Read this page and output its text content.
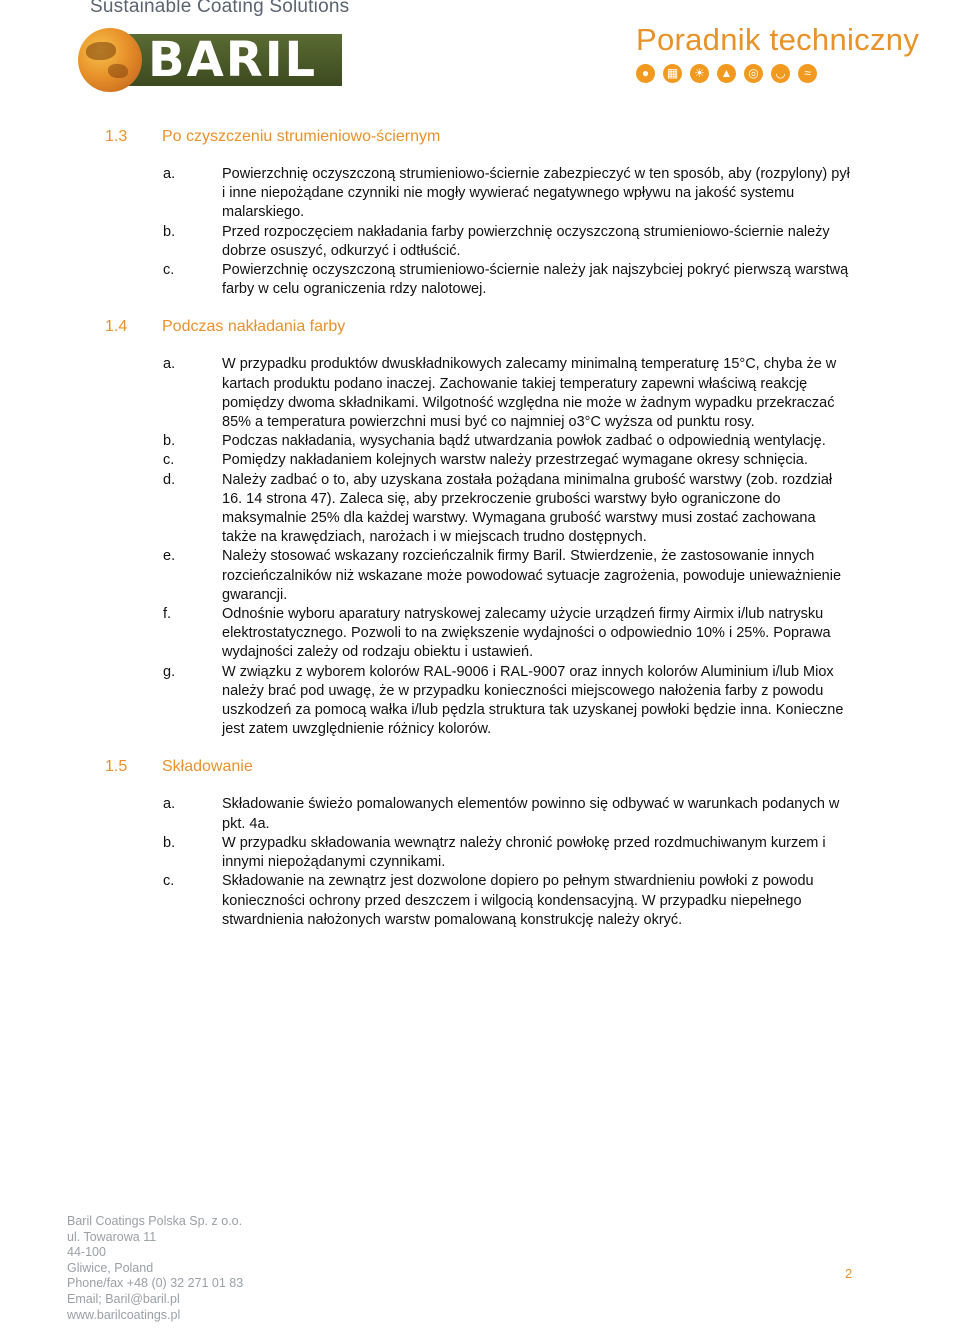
Sustainable Coating Solutions
BARIL	Poradnik techniczny
●	▦	☀	▲	◎	◡	≈
1.3	Po czyszczeniu strumieniowo-ściernym
a.	Powierzchnię oczyszczoną strumieniowo-ściernie zabezpieczyć w ten sposób, aby (rozpylony) pył i inne niepożądane czynniki nie mogły wywierać negatywnego wpływu na jakość systemu malarskiego.
b.	Przed rozpoczęciem nakładania farby powierzchnię oczyszczoną strumieniowo-ściernie należy dobrze osuszyć, odkurzyć i odtłuścić.
c.	Powierzchnię oczyszczoną strumieniowo-ściernie należy jak najszybciej pokryć pierwszą warstwą farby w celu ograniczenia rdzy nalotowej.
1.4	Podczas nakładania farby
a.	W przypadku produktów dwuskładnikowych zalecamy minimalną temperaturę 15°C, chyba że w kartach produktu podano inaczej. Zachowanie takiej temperatury zapewni właściwą reakcję pomiędzy dwoma składnikami. Wilgotność względna nie może w żadnym wypadku przekraczać 85% a temperatura powierzchni musi być co najmniej o3°C wyższa od punktu rosy.
b.	Podczas nakładania, wysychania bądź utwardzania powłok zadbać o odpowiednią wentylację.
c.	Pomiędzy nakładaniem kolejnych warstw należy przestrzegać wymagane okresy schnięcia.
d.	Należy zadbać o to, aby uzyskana została pożądana minimalna grubość warstwy (zob. rozdział 16. 14 strona 47). Zaleca się, aby przekroczenie grubości warstwy było ograniczone do maksymalnie 25% dla każdej warstwy. Wymagana grubość warstwy musi zostać zachowana także na krawędziach, narożach i w miejscach trudno dostępnych.
e.	Należy stosować wskazany rozcieńczalnik firmy Baril. Stwierdzenie, że zastosowanie innych rozcieńczalników niż wskazane może powodować sytuacje zagrożenia, powoduje unieważnienie gwarancji.
f.	Odnośnie wyboru aparatury natryskowej zalecamy użycie urządzeń firmy Airmix i/lub natrysku elektrostatycznego. Pozwoli to na zwiększenie wydajności o odpowiednio 10% i 25%. Poprawa wydajności zależy od rodzaju obiektu i ustawień.
g.	W związku z wyborem kolorów RAL-9006 i RAL-9007 oraz innych kolorów Aluminium i/lub Miox należy brać pod uwagę, że w przypadku konieczności miejscowego nałożenia farby z powodu uszkodzeń za pomocą wałka i/lub pędzla struktura tak uzyskanej powłoki będzie inna. Konieczne jest zatem uwzględnienie różnicy kolorów.
1.5	Składowanie
a.	Składowanie świeżo pomalowanych elementów powinno się odbywać w warunkach podanych w pkt. 4a.
b.	W przypadku składowania wewnątrz należy chronić powłokę przed rozdmuchiwanym kurzem i innymi niepożądanymi czynnikami.
c.	Składowanie na zewnątrz jest dozwolone dopiero po pełnym stwardnieniu powłoki z powodu konieczności ochrony przed deszczem i wilgocią kondensacyjną. W przypadku niepełnego stwardnienia nałożonych warstw pomalowaną konstrukcję należy okryć.
Baril Coatings Polska Sp. z o.o.
ul. Towarowa 11
44-100
Gliwice, Poland
Phone/fax +48 (0) 32 271 01 83
Email; Baril@baril.pl
www.barilcoatings.pl
2
